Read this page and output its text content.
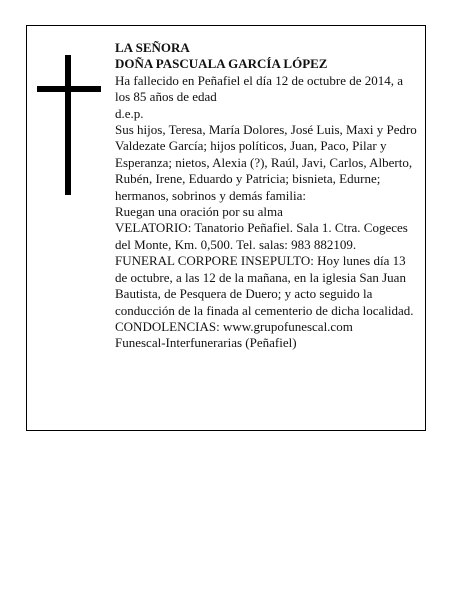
LA SEÑORA

DOÑA PASCUALA GARCÍA LÓPEZ

Ha fallecido en Peñafiel el día 12 de octubre de 2014, a los 85 años de edad

d.e.p.

Sus hijos, Teresa, María Dolores, José Luis, Maxi y Pedro Valdezate García; hijos políticos, Juan, Paco, Pilar y Esperanza; nietos, Alexia (?), Raúl, Javi, Carlos, Alberto, Rubén, Irene, Eduardo y Patricia; bisnieta, Edurne; hermanos, sobrinos y demás familia:

Ruegan una oración por su alma

VELATORIO: Tanatorio Peñafiel. Sala 1. Ctra. Cogeces del Monte, Km. 0,500. Tel. salas: 983 882109.

FUNERAL CORPORE INSEPULTO: Hoy lunes día 13 de octubre, a las 12 de la mañana, en la iglesia San Juan Bautista, de Pesquera de Duero; y acto seguido la conducción de la finada al cementerio de dicha localidad.

CONDOLENCIAS: www.grupofunescal.com

Funescal-Interfunerarias (Peñafiel)
